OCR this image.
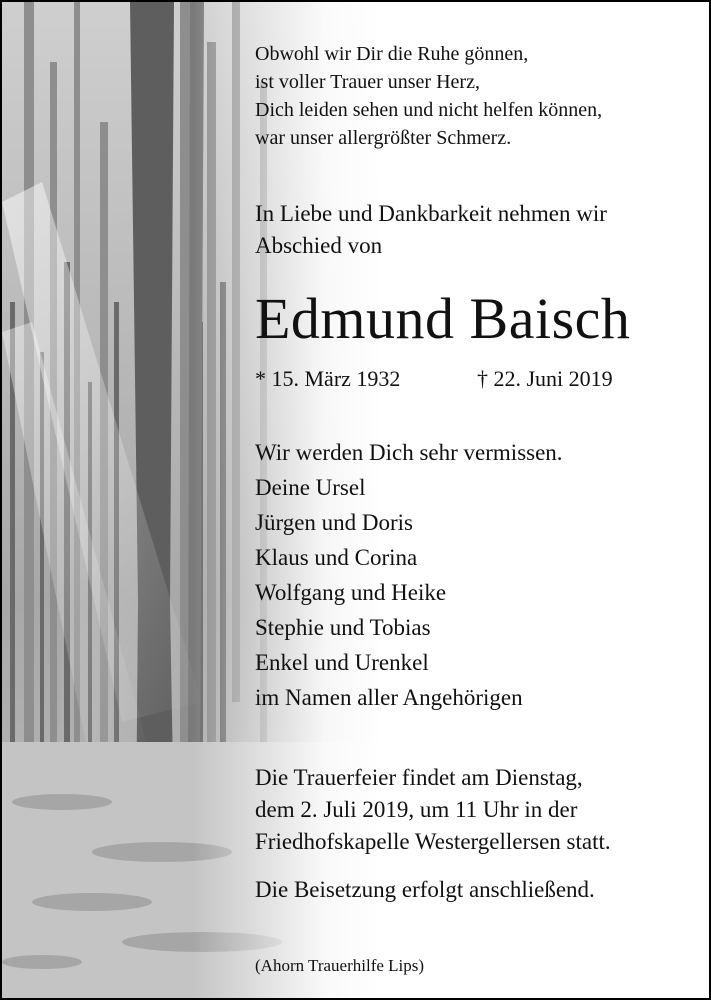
Obwohl wir Dir die Ruhe gönnen,
ist voller Trauer unser Herz,
Dich leiden sehen und nicht helfen können,
war unser allergrößter Schmerz.
In Liebe und Dankbarkeit nehmen wir
Abschied von
Edmund Baisch
* 15. März 1932	† 22. Juni 2019
Wir werden Dich sehr vermissen.
Deine Ursel
Jürgen und Doris
Klaus und Corina
Wolfgang und Heike
Stephie und Tobias
Enkel und Urenkel
im Namen aller Angehörigen
Die Trauerfeier findet am Dienstag,
dem 2. Juli 2019, um 11 Uhr in der
Friedhofskapelle Westergellersen statt.
Die Beisetzung erfolgt anschließend.
(Ahorn Trauerhilfe Lips)
